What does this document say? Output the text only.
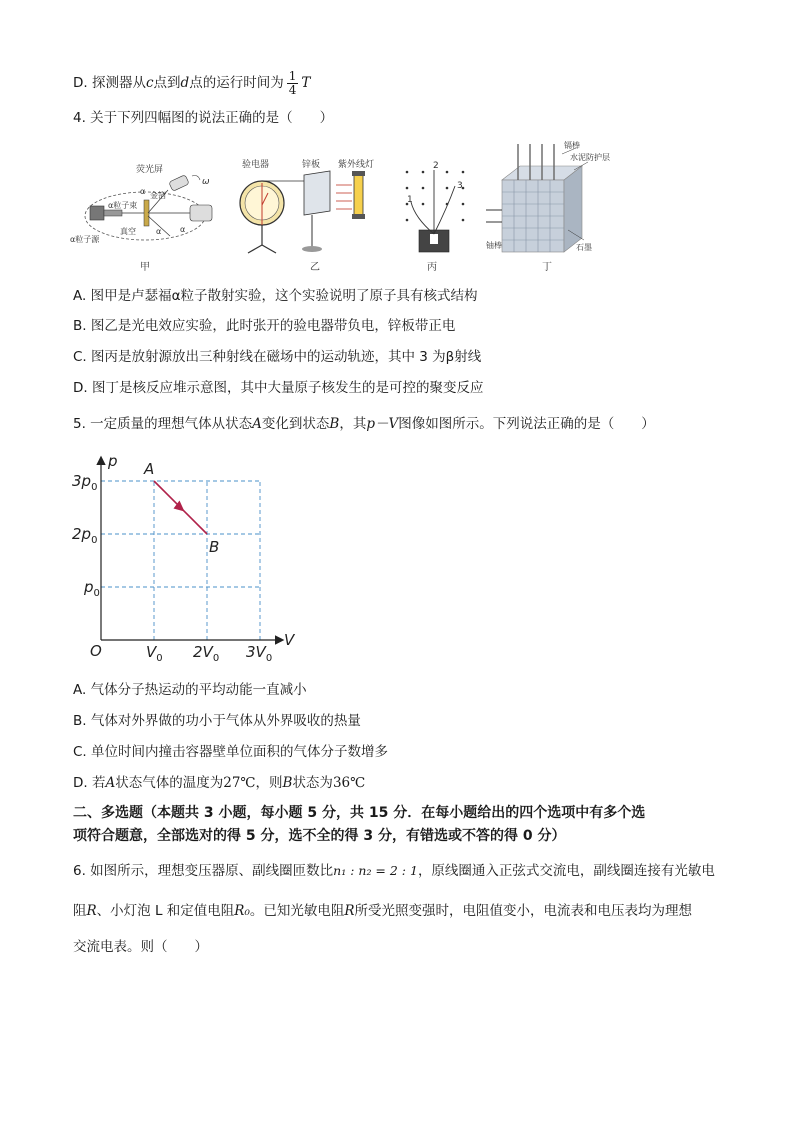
D. 探测器从c点到d点的运行时间为 $\frac{1}{4}$ T
4. 关于下列四幅图的说法正确的是（　　）
荧光屏
α粒子束
金箔
α粒子源
真空
α
α
α
ω
甲
验电器	锌板 紫外线灯
乙
1
2
3
丙
镉棒
水泥防护层
铀棒	石墨
丁
A. 图甲是卢瑟福α粒子散射实验，这个实验说明了原子具有核式结构
B. 图乙是光电效应实验，此时张开的验电器带负电，锌板带正电
C. 图丙是放射源放出三种射线在磁场中的运动轨迹，其中 3 为β射线
D. 图丁是核反应堆示意图，其中大量原子核发生的是可控的聚变反应
5. 一定质量的理想气体从状态A变化到状态B，其p－V图像如图所示。下列说法正确的是（　　）
p
V
O
$p_0$
$2p_0$
$3p_0$
$V_0$ $2V_0$ $3V_0$
A
B
A. 气体分子热运动的平均动能一直减小
B. 气体对外界做的功小于气体从外界吸收的热量
C. 单位时间内撞击容器壁单位面积的气体分子数增多
D. 若A状态气体的温度为27℃，则B状态为36℃
二、多选题（本题共 3 小题，每小题 5 分，共 15 分．在每小题给出的四个选项中有多个选
项符合题意，全部选对的得 5 分，选不全的得 3 分，有错选或不答的得 0 分）
6. 如图所示，理想变压器原、副线圈匝数比n₁ : n₂ = 2 : 1，原线圈通入正弦式交流电，副线圈连接有光敏电
阻R、小灯泡 L 和定值电阻R₀。已知光敏电阻R所受光照变强时，电阻值变小，电流表和电压表均为理想
交流电表。则（　　）
